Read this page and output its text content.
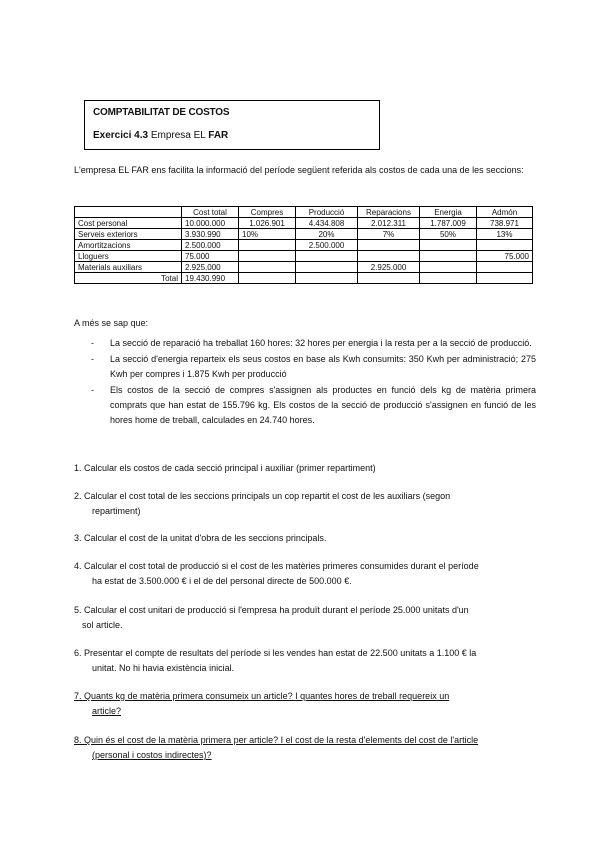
COMPTABILITAT DE COSTOS
Exercici 4.3 Empresa EL FAR
L'empresa EL FAR ens facilita la informació del període següent referida als costos de cada una de les seccions:
	Cost total	Compres	Producció	Reparacions	Energia	Admón
Cost personal	10.000.000	1.026.901	4.434.808	2.012.311	1.787.009	738.971
Serveis exteriors	3.930.990	10%	20%	7%	50%	13%
Amortitzacions	2.500.000		2.500.000			
Lloguers	75.000					75.000
Materials auxiliars	2.925.000			2.925.000		
Total	19.430.990					
A més se sap que:
- La secció de reparació ha treballat 160 hores: 32 hores per energia i la resta per a la secció de producció.
- La secció d'energia reparteix els seus costos en base als Kwh consumits: 350 Kwh per administració; 275 Kwh per compres i 1.875 Kwh per producció
- Els costos de la secció de compres s'assignen als productes en funció dels kg de matèria primera comprats que han estat de 155.796 kg. Els costos de la secció de producció s'assignen en funció de les hores home de treball, calculades en 24.740 hores.
1. Calcular els costos de cada secció principal i auxiliar (primer repartiment)
2. Calcular el cost total de les seccions principals un cop repartit el cost de les auxiliars (segon
repartiment)
3. Calcular el cost de la unitat d'obra de les seccions principals.
4. Calcular el cost total de producció si el cost de les matèries primeres consumides durant el període
ha estat de 3.500.000 € i el de del personal directe de 500.000 €.
5. Calcular el cost unitari de producció si l'empresa ha produït durant el període 25.000 unitats d'un
sol article.
6. Presentar el compte de resultats del període si les vendes han estat de 22.500 unitats a 1.100 € la
unitat. No hi havia existència inicial.
7. Quants kg de matèria primera consumeix un article? I quantes hores de treball requereix un
article?
8. Quin és el cost de la matèria primera per article? I el cost de la resta d'elements del cost de l'article
(personal i costos indirectes)?
